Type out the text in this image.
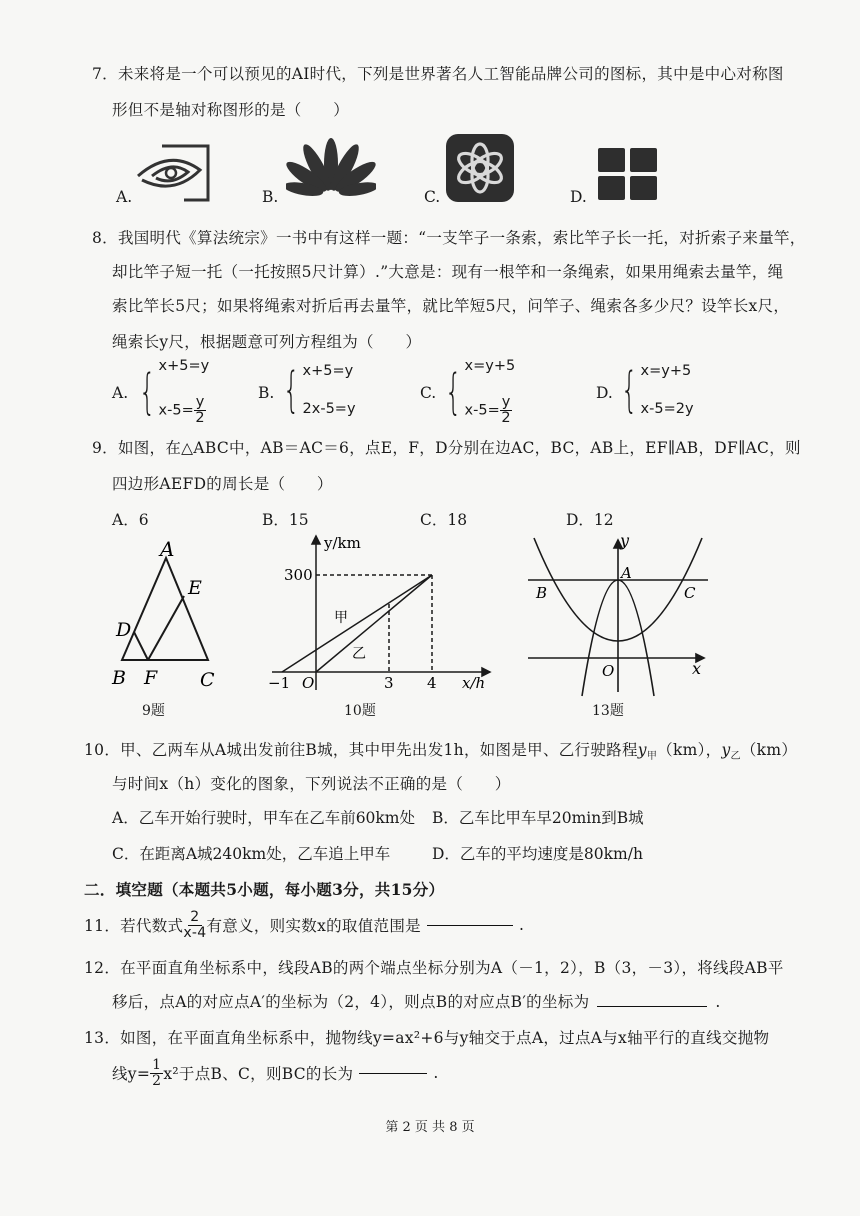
7．未来将是一个可以预见的AI时代，下列是世界著名人工智能品牌公司的图标，其中是中心对称图
形但不是轴对称图形的是（　　）
A.	B.	C.	D.
8．我国明代《算法统宗》一书中有这样一题：“一支竿子一条索，索比竿子长一托，对折索子来量竿，
却比竿子短一托（一托按照5尺计算）.”大意是：现有一根竿和一条绳索，如果用绳索去量竿，绳
索比竿长5尺；如果将绳索对折后再去量竿，就比竿短5尺，问竿子、绳索各多少尺？设竿长x尺，
绳索长y尺，根据题意可列方程组为（　　）
A. { x+5=y
$x-5= \frac{y}{2}$
B. { x+5=y
2x-5=y
C. { x=y+5
$x-5= \frac{y}{2}$
D. { x=y+5
x-5=2y
9．如图，在△ABC中，AB＝AC＝6，点E，F，D分别在边AC，BC，AB上，EF∥AB，DF∥AC，则
四边形AEFD的周长是（　　）
A．6	B．15	C．18	D．12
A
E
D
B F C
9题
y/km
x/h
300
−1 O	3 4
甲
乙
10题
y
x
A
B	C
O
13题
10．甲、乙两车从A城出发前往B城，其中甲先出发1h，如图是甲、乙行驶路程$y_甲(km)$，$y_乙(km)$
与时间x（h）变化的图象，下列说法不正确的是（　　）
A．乙车开始行驶时，甲车在乙车前60km处 B．乙车比甲车早20min到B城
C．在距离A城240km处，乙车追上甲车	D．乙车的平均速度是80km/h
二．填空题（本题共5小题，每小题3分，共15分）
11．若代数式 $\frac{2}{x-4}$ 有意义，则实数x的取值范围是	.
12．在平面直角坐标系中，线段AB的两个端点坐标分别为A（－1，2），B（3，－3），将线段AB平
移后，点A的对应点A′的坐标为（2，4），则点B的对应点B′的坐标为	.
13．如图，在平面直角坐标系中，抛物线y=ax²+6与y轴交于点A，过点A与x轴平行的直线交抛物
线$y= \frac{1}{2} x^2$于点B、C，则BC的长为	.
第 2 页 共 8 页
